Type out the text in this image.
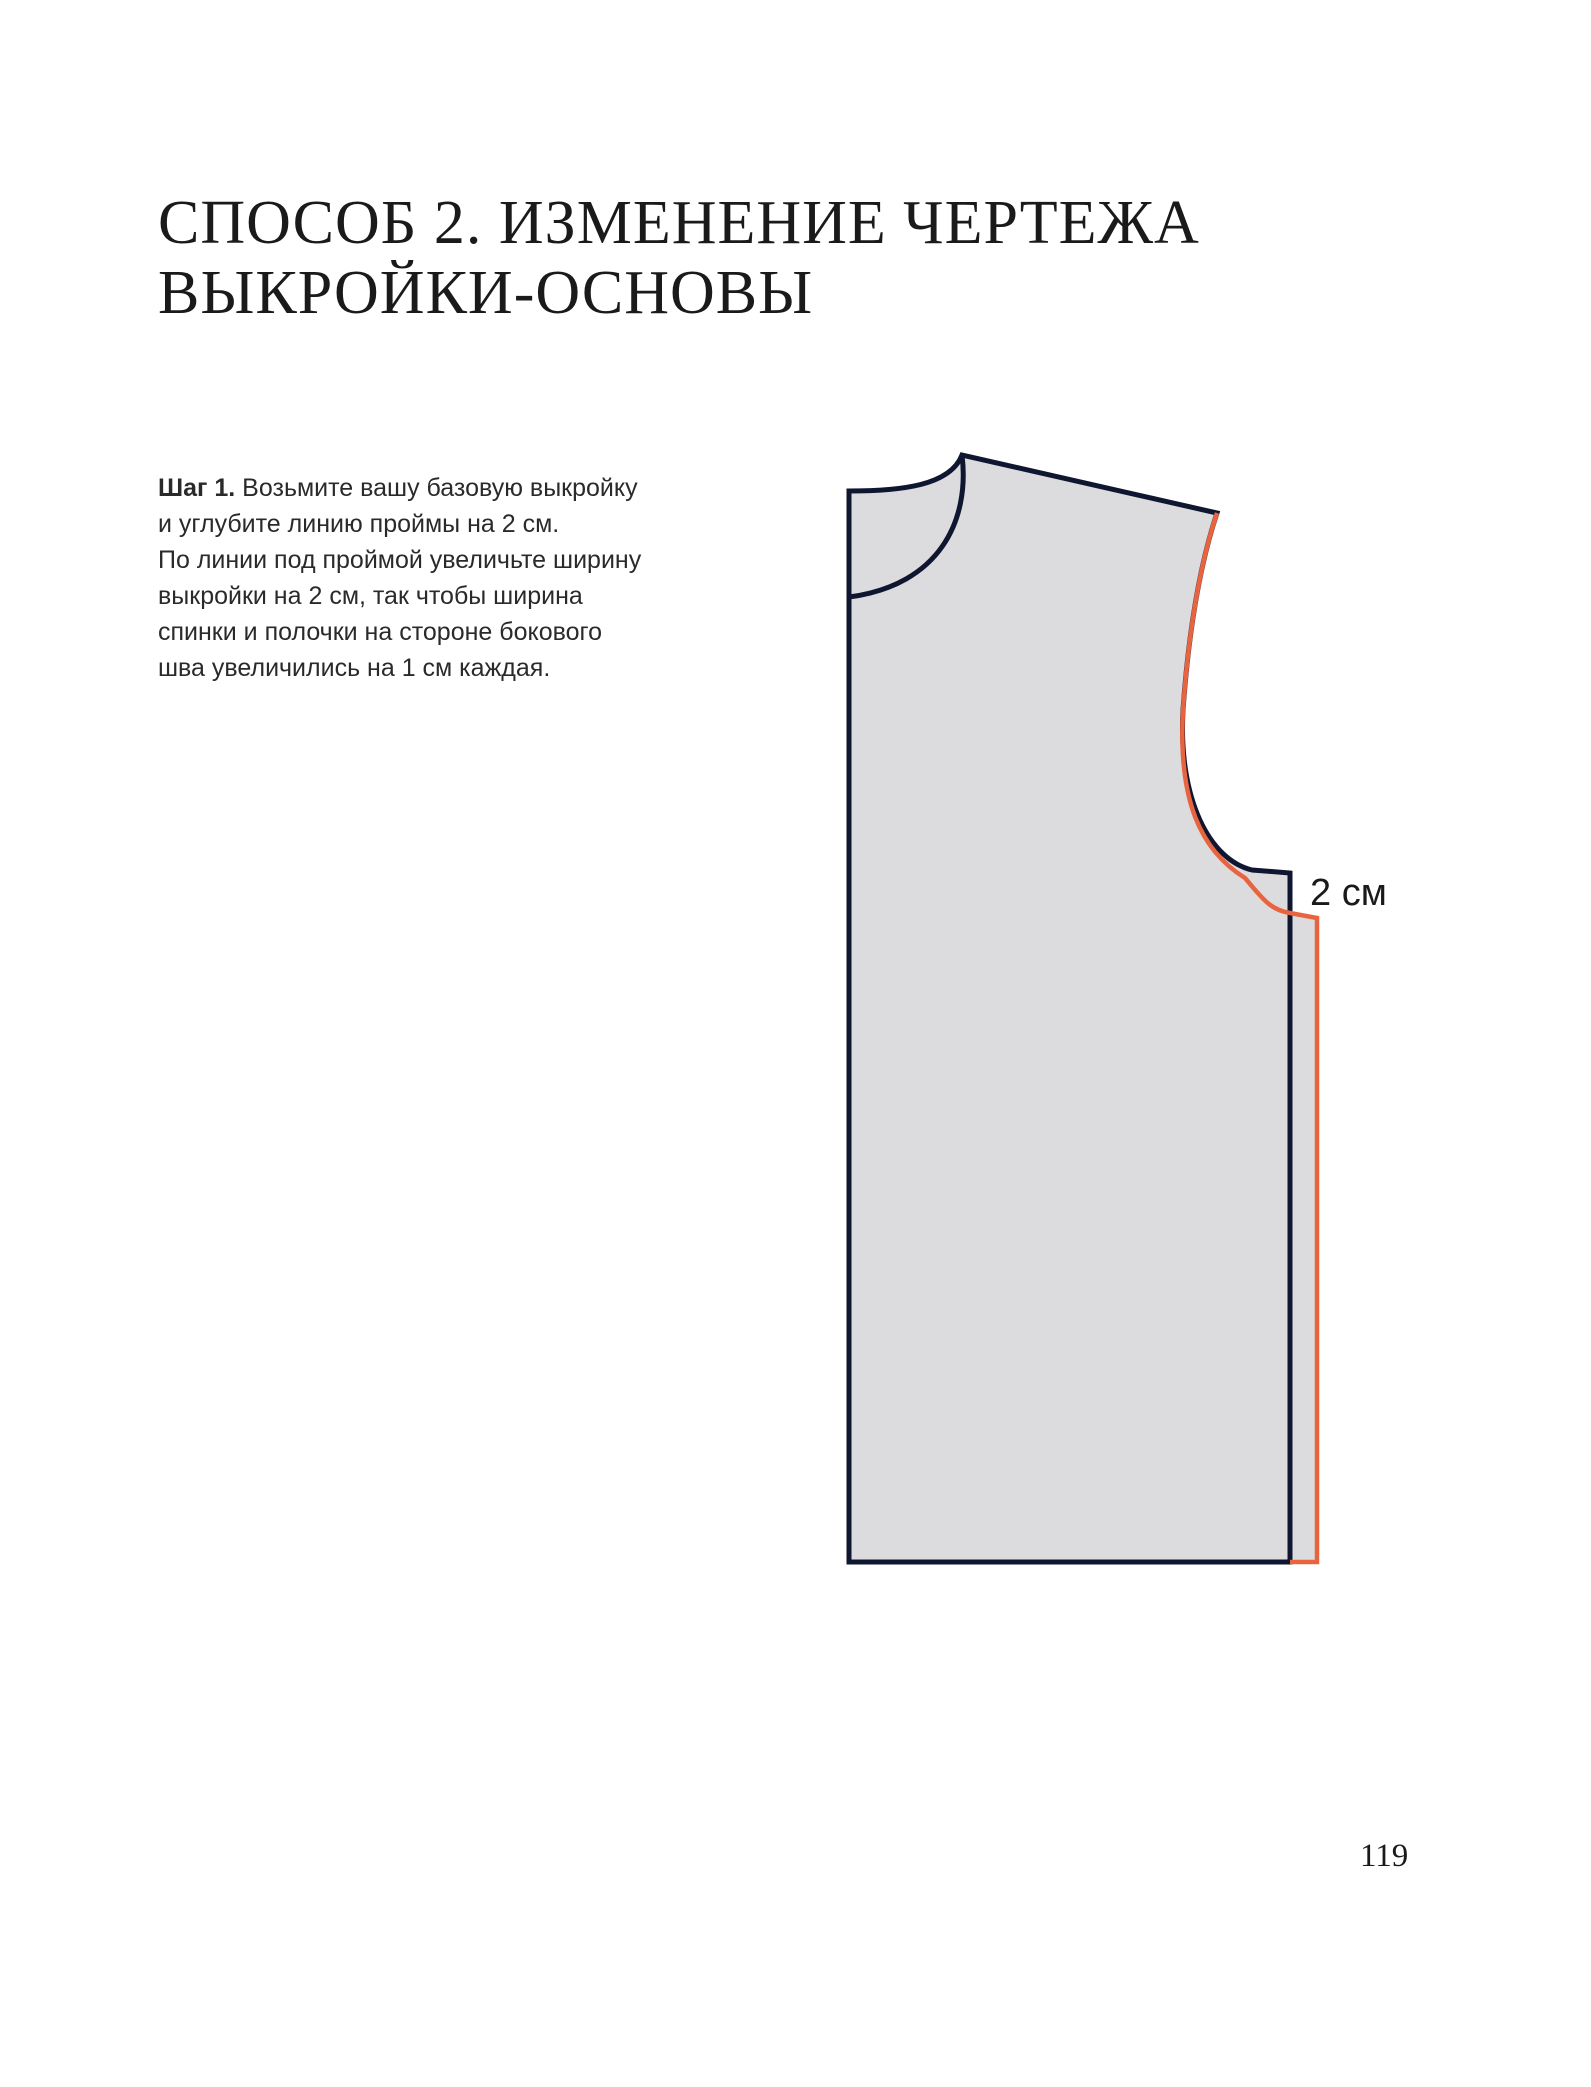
СПОСОБ 2. ИЗМЕНЕНИЕ ЧЕРТЕЖА
ВЫКРОЙКИ-ОСНОВЫ

Шаг 1. Возьмите вашу базовую выкройку
и углубите линию проймы на 2 см.
По линии под проймой увеличьте ширину
выкройки на 2 см, так чтобы ширина
спинки и полочки на стороне бокового
шва увеличились на 1 см каждая.

2 см

119
